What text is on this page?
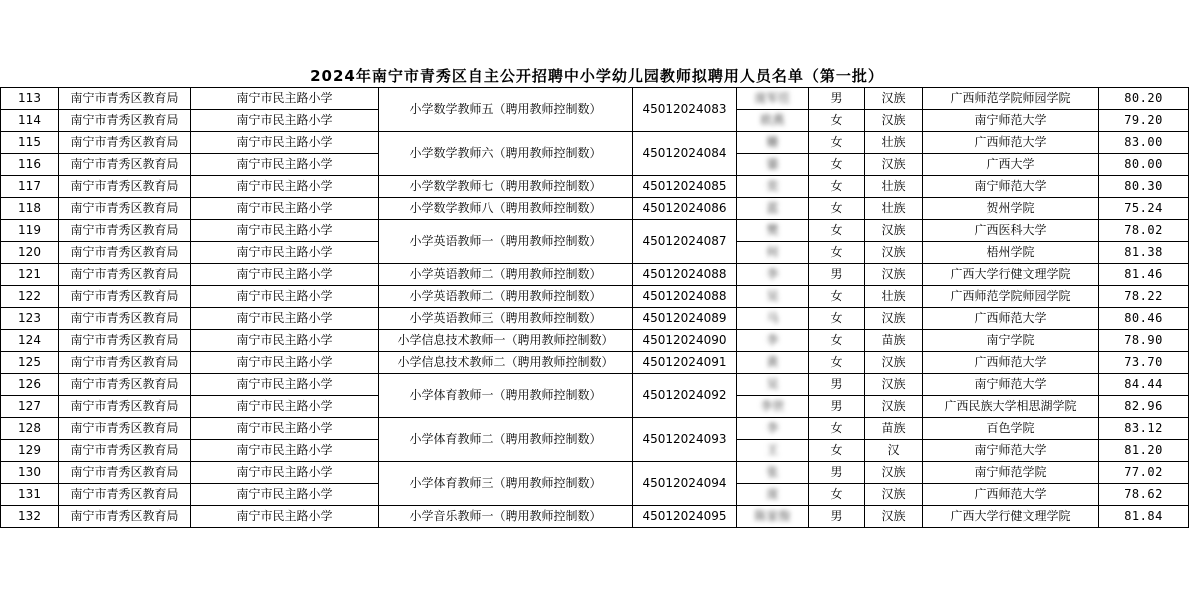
2024年南宁市青秀区自主公开招聘中小学幼儿园教师拟聘用人员名单（第一批）
113	南宁市青秀区教育局	南宁市民主路小学	小学数学教师五（聘用教师控制数）	45012024083	庞军任	男	汉族	广西师范学院师园学院	80.20
114	南宁市青秀区教育局	南宁市民主路小学			欧燕	女	汉族	南宁师范大学	79.20
115	南宁市青秀区教育局	南宁市民主路小学	小学数学教师六（聘用教师控制数）	45012024084	姗	女	壮族	广西师范大学	83.00
116	南宁市青秀区教育局	南宁市民主路小学			鎏	女	汉族	广西大学	80.00
117	南宁市青秀区教育局	南宁市民主路小学	小学数学教师七（聘用教师控制数）	45012024085	奕	女	壮族	南宁师范大学	80.30
118	南宁市青秀区教育局	南宁市民主路小学	小学数学教师八（聘用教师控制数）	45012024086	蓝	女	壮族	贺州学院	75.24
119	南宁市青秀区教育局	南宁市民主路小学	小学英语教师一（聘用教师控制数）	45012024087	樊	女	汉族	广西医科大学	78.02
120	南宁市青秀区教育局	南宁市民主路小学			何	女	汉族	梧州学院	81.38
121	南宁市青秀区教育局	南宁市民主路小学	小学英语教师二（聘用教师控制数）	45012024088	李	男	汉族	广西大学行健文理学院	81.46
122	南宁市青秀区教育局	南宁市民主路小学	小学英语教师二（聘用教师控制数）	45012024088	吴	女	壮族	广西师范学院师园学院	78.22
123	南宁市青秀区教育局	南宁市民主路小学	小学英语教师三（聘用教师控制数）	45012024089	马	女	汉族	广西师范大学	80.46
124	南宁市青秀区教育局	南宁市民主路小学	小学信息技术教师一（聘用教师控制数）	45012024090	李	女	苗族	南宁学院	78.90
125	南宁市青秀区教育局	南宁市民主路小学	小学信息技术教师二（聘用教师控制数）	45012024091	黄	女	汉族	广西师范大学	73.70
126	南宁市青秀区教育局	南宁市民主路小学	小学体育教师一（聘用教师控制数）	45012024092	吴	男	汉族	南宁师范大学	84.44
127	南宁市青秀区教育局	南宁市民主路小学			李世	男	汉族	广西民族大学相思湖学院	82.96
128	南宁市青秀区教育局	南宁市民主路小学	小学体育教师二（聘用教师控制数）	45012024093	李	女	苗族	百色学院	83.12
129	南宁市青秀区教育局	南宁市民主路小学			王	女	汉	南宁师范大学	81.20
130	南宁市青秀区教育局	南宁市民主路小学	小学体育教师三（聘用教师控制数）	45012024094	张	男	汉族	南宁师范学院	77.02
131	南宁市青秀区教育局	南宁市民主路小学			庞	女	汉族	广西师范大学	78.62
132	南宁市青秀区教育局	南宁市民主路小学	小学音乐教师一（聘用教师控制数）	45012024095	陈家俊	男	汉族	广西大学行健文理学院	81.84
